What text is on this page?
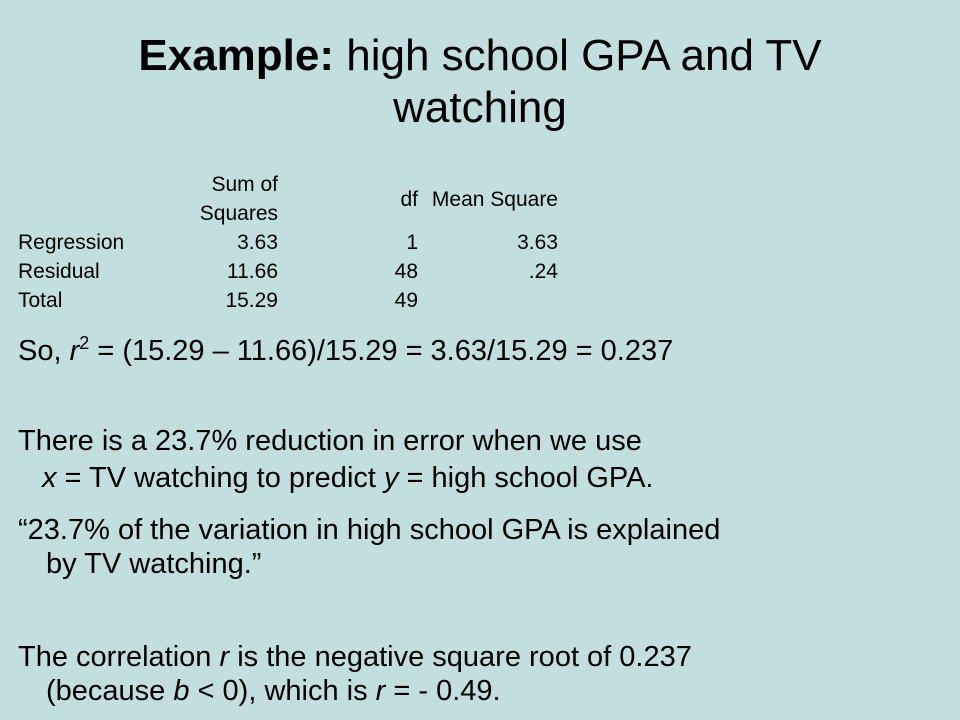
Example: high school GPA and TV
watching
	Sum of Squares	df	Mean Square
Regression	3.63	1	3.63
Residual	11.66	48	.24
Total	15.29	49	
So, $r^2 = (15.29 - 11.66)/15.29 = 3.63/15.29 = 0.237$
There is a 23.7% reduction in error when we use
x = TV watching to predict y = high school GPA.
“23.7% of the variation in high school GPA is explained
by TV watching.”
The correlation r is the negative square root of 0.237
(because b < 0), which is r = - 0.49.
